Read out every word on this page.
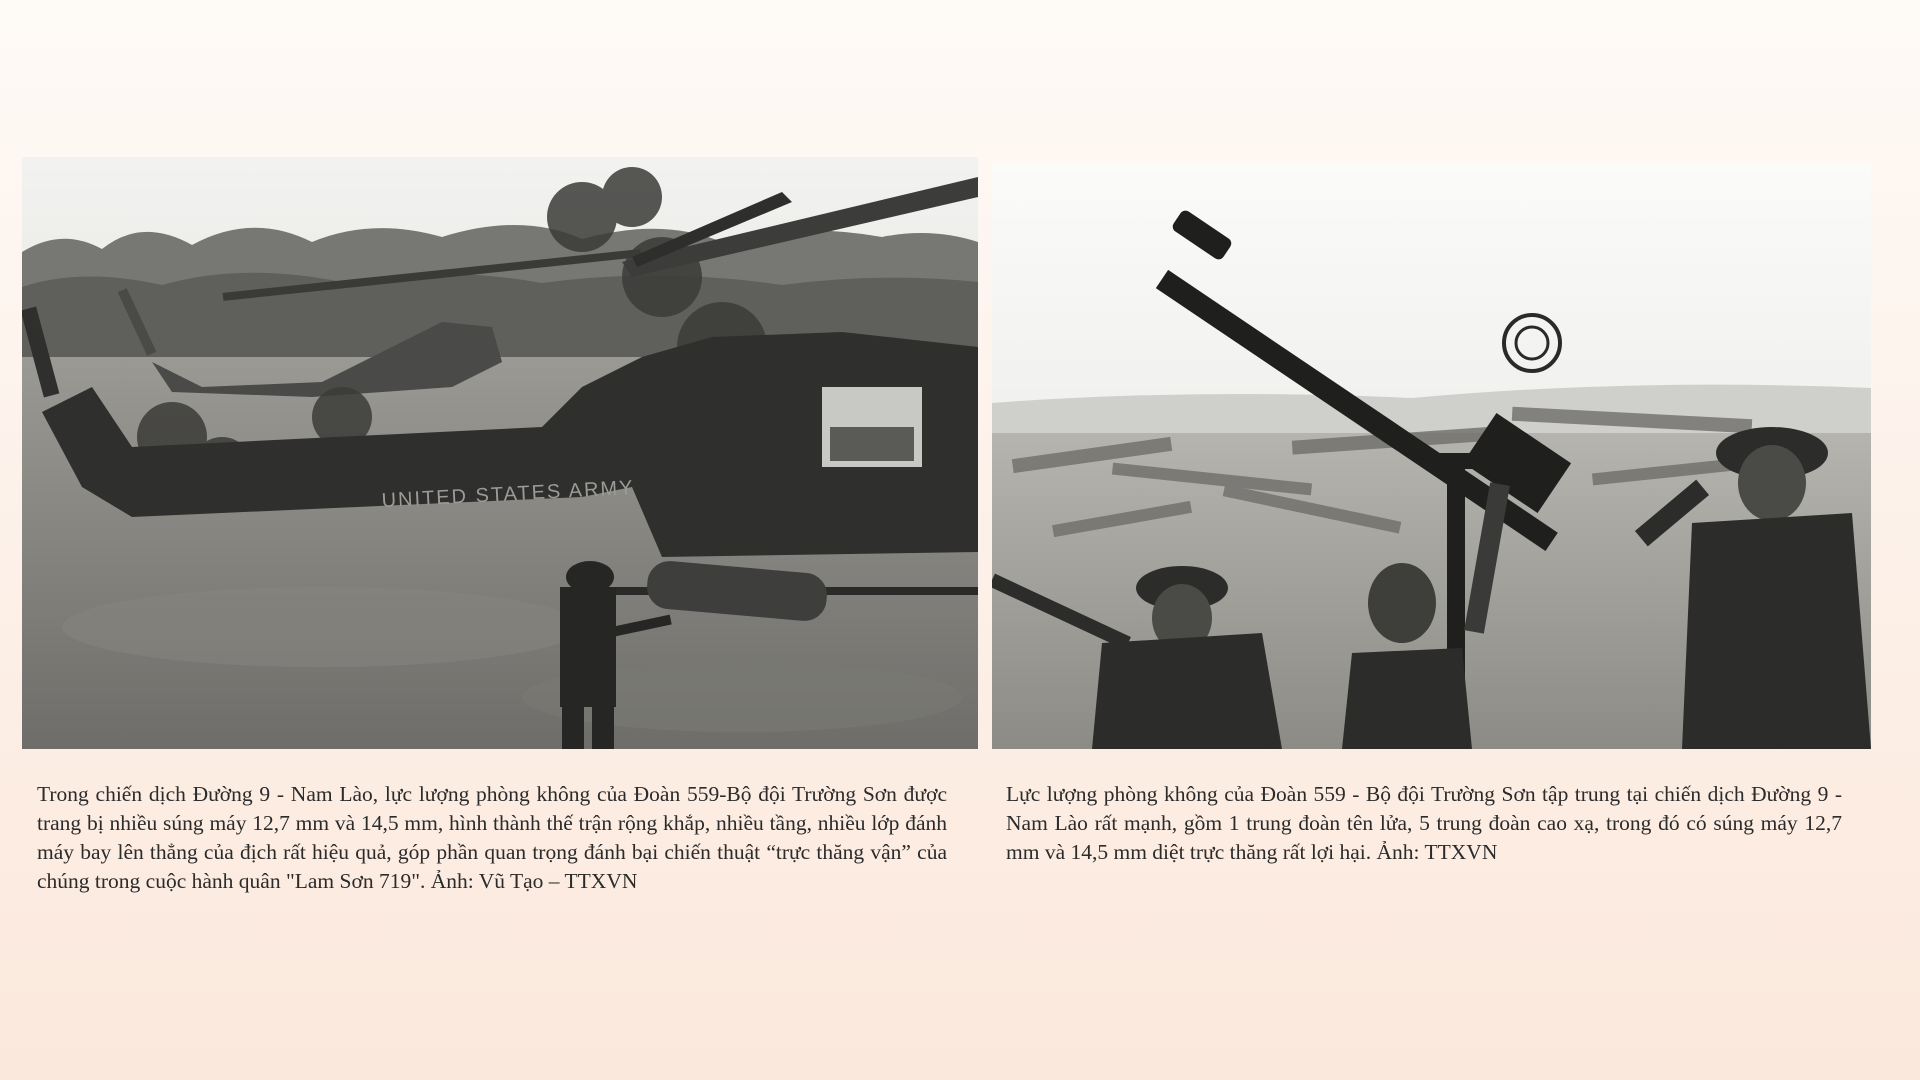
UNITED STATES ARMY

Trong chiến dịch Đường 9 - Nam Lào, lực lượng phòng không của Đoàn 559-Bộ đội Trường Sơn được trang bị nhiều súng máy 12,7 mm và 14,5 mm, hình thành thế trận rộng khắp, nhiều tầng, nhiều lớp đánh máy bay lên thẳng của địch rất hiệu quả, góp phần quan trọng đánh bại chiến thuật “trực thăng vận” của chúng trong cuộc hành quân "Lam Sơn 719". Ảnh: Vũ Tạo – TTXVN

Lực lượng phòng không của Đoàn 559 - Bộ đội Trường Sơn tập trung tại chiến dịch Đường 9 - Nam Lào rất mạnh, gồm 1 trung đoàn tên lửa, 5 trung đoàn cao xạ, trong đó có súng máy 12,7 mm và 14,5 mm diệt trực thăng rất lợi hại. Ảnh: TTXVN
